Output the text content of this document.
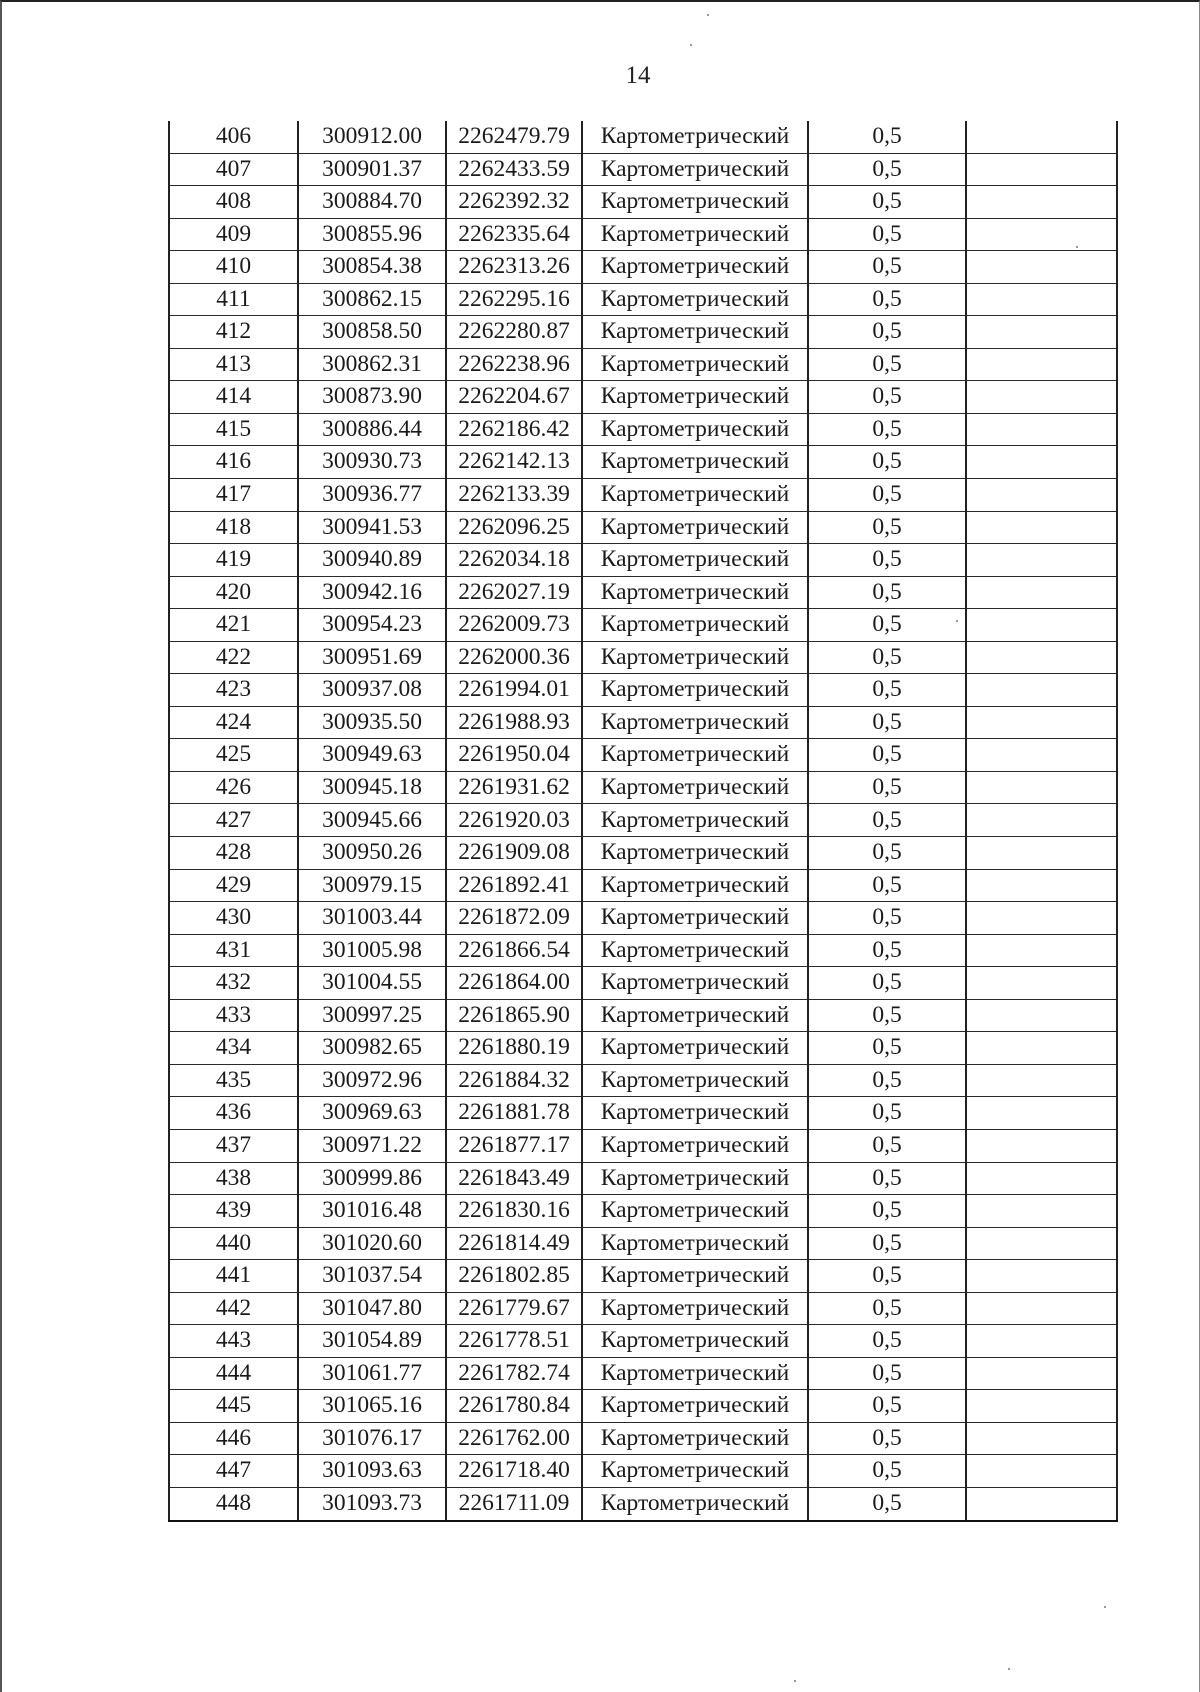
14
406	300912.00	2262479.79	Картометрический	0,5	
407	300901.37	2262433.59	Картометрический	0,5	
408	300884.70	2262392.32	Картометрический	0,5	
409	300855.96	2262335.64	Картометрический	0,5	
410	300854.38	2262313.26	Картометрический	0,5	
411	300862.15	2262295.16	Картометрический	0,5	
412	300858.50	2262280.87	Картометрический	0,5	
413	300862.31	2262238.96	Картометрический	0,5	
414	300873.90	2262204.67	Картометрический	0,5	
415	300886.44	2262186.42	Картометрический	0,5	
416	300930.73	2262142.13	Картометрический	0,5	
417	300936.77	2262133.39	Картометрический	0,5	
418	300941.53	2262096.25	Картометрический	0,5	
419	300940.89	2262034.18	Картометрический	0,5	
420	300942.16	2262027.19	Картометрический	0,5	
421	300954.23	2262009.73	Картометрический	0,5	
422	300951.69	2262000.36	Картометрический	0,5	
423	300937.08	2261994.01	Картометрический	0,5	
424	300935.50	2261988.93	Картометрический	0,5	
425	300949.63	2261950.04	Картометрический	0,5	
426	300945.18	2261931.62	Картометрический	0,5	
427	300945.66	2261920.03	Картометрический	0,5	
428	300950.26	2261909.08	Картометрический	0,5	
429	300979.15	2261892.41	Картометрический	0,5	
430	301003.44	2261872.09	Картометрический	0,5	
431	301005.98	2261866.54	Картометрический	0,5	
432	301004.55	2261864.00	Картометрический	0,5	
433	300997.25	2261865.90	Картометрический	0,5	
434	300982.65	2261880.19	Картометрический	0,5	
435	300972.96	2261884.32	Картометрический	0,5	
436	300969.63	2261881.78	Картометрический	0,5	
437	300971.22	2261877.17	Картометрический	0,5	
438	300999.86	2261843.49	Картометрический	0,5	
439	301016.48	2261830.16	Картометрический	0,5	
440	301020.60	2261814.49	Картометрический	0,5	
441	301037.54	2261802.85	Картометрический	0,5	
442	301047.80	2261779.67	Картометрический	0,5	
443	301054.89	2261778.51	Картометрический	0,5	
444	301061.77	2261782.74	Картометрический	0,5	
445	301065.16	2261780.84	Картометрический	0,5	
446	301076.17	2261762.00	Картометрический	0,5	
447	301093.63	2261718.40	Картометрический	0,5	
448	301093.73	2261711.09	Картометрический	0,5	
